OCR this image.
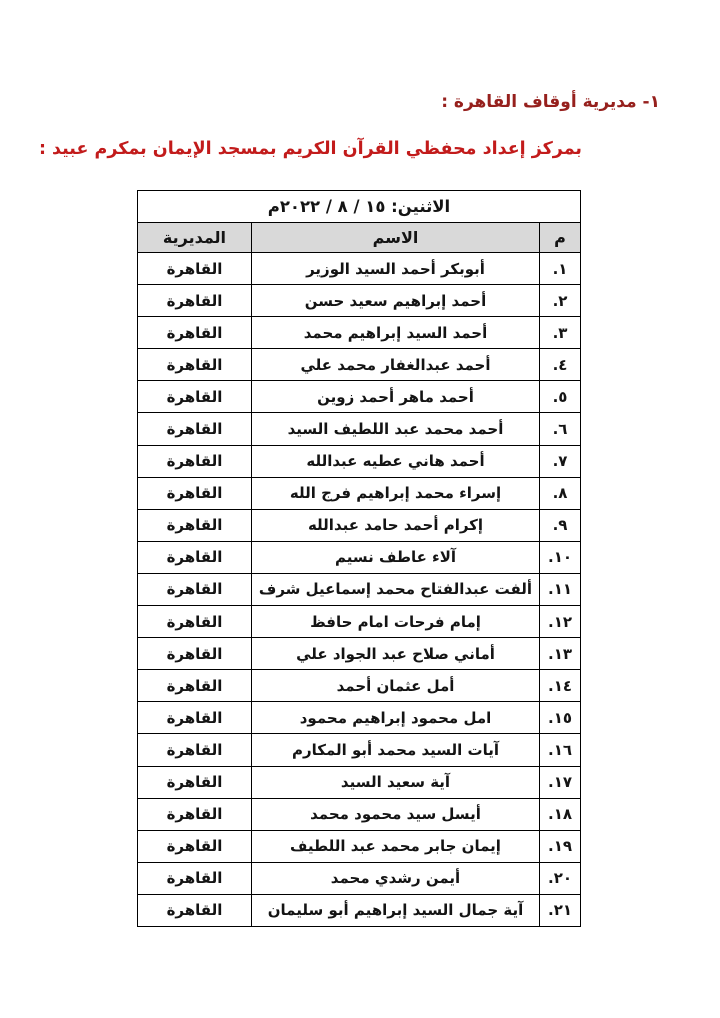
١- مديرية أوقاف القاهرة :
بمركز إعداد محفظي القرآن الكريم بمسجد الإيمان بمكرم عبيد :
الاثنين: ١٥ / ٨ / ٢٠٢٢م		
م	الاسم	المديرية
١.	أبوبكر أحمد السيد الوزير	القاهرة
٢.	أحمد إبراهيم سعيد حسن	القاهرة
٣.	أحمد السيد إبراهيم محمد	القاهرة
٤.	أحمد عبدالغفار محمد علي	القاهرة
٥.	أحمد ماهر أحمد زوين	القاهرة
٦.	أحمد محمد عبد اللطيف السيد	القاهرة
٧.	أحمد هاني عطيه عبدالله	القاهرة
٨.	إسراء محمد إبراهيم فرج الله	القاهرة
٩.	إكرام أحمد حامد عبدالله	القاهرة
١٠.	آلاء عاطف نسيم	القاهرة
١١.	ألفت عبدالفتاح محمد إسماعيل شرف	القاهرة
١٢.	إمام فرحات امام حافظ	القاهرة
١٣.	أماني صلاح عبد الجواد علي	القاهرة
١٤.	أمل عثمان أحمد	القاهرة
١٥.	امل محمود إبراهيم محمود	القاهرة
١٦.	آيات السيد محمد أبو المكارم	القاهرة
١٧.	آية سعيد السيد	القاهرة
١٨.	أيسل سيد محمود محمد	القاهرة
١٩.	إيمان جابر محمد عبد اللطيف	القاهرة
٢٠.	أيمن رشدي محمد	القاهرة
٢١.	آية جمال السيد إبراهيم أبو سليمان	القاهرة
